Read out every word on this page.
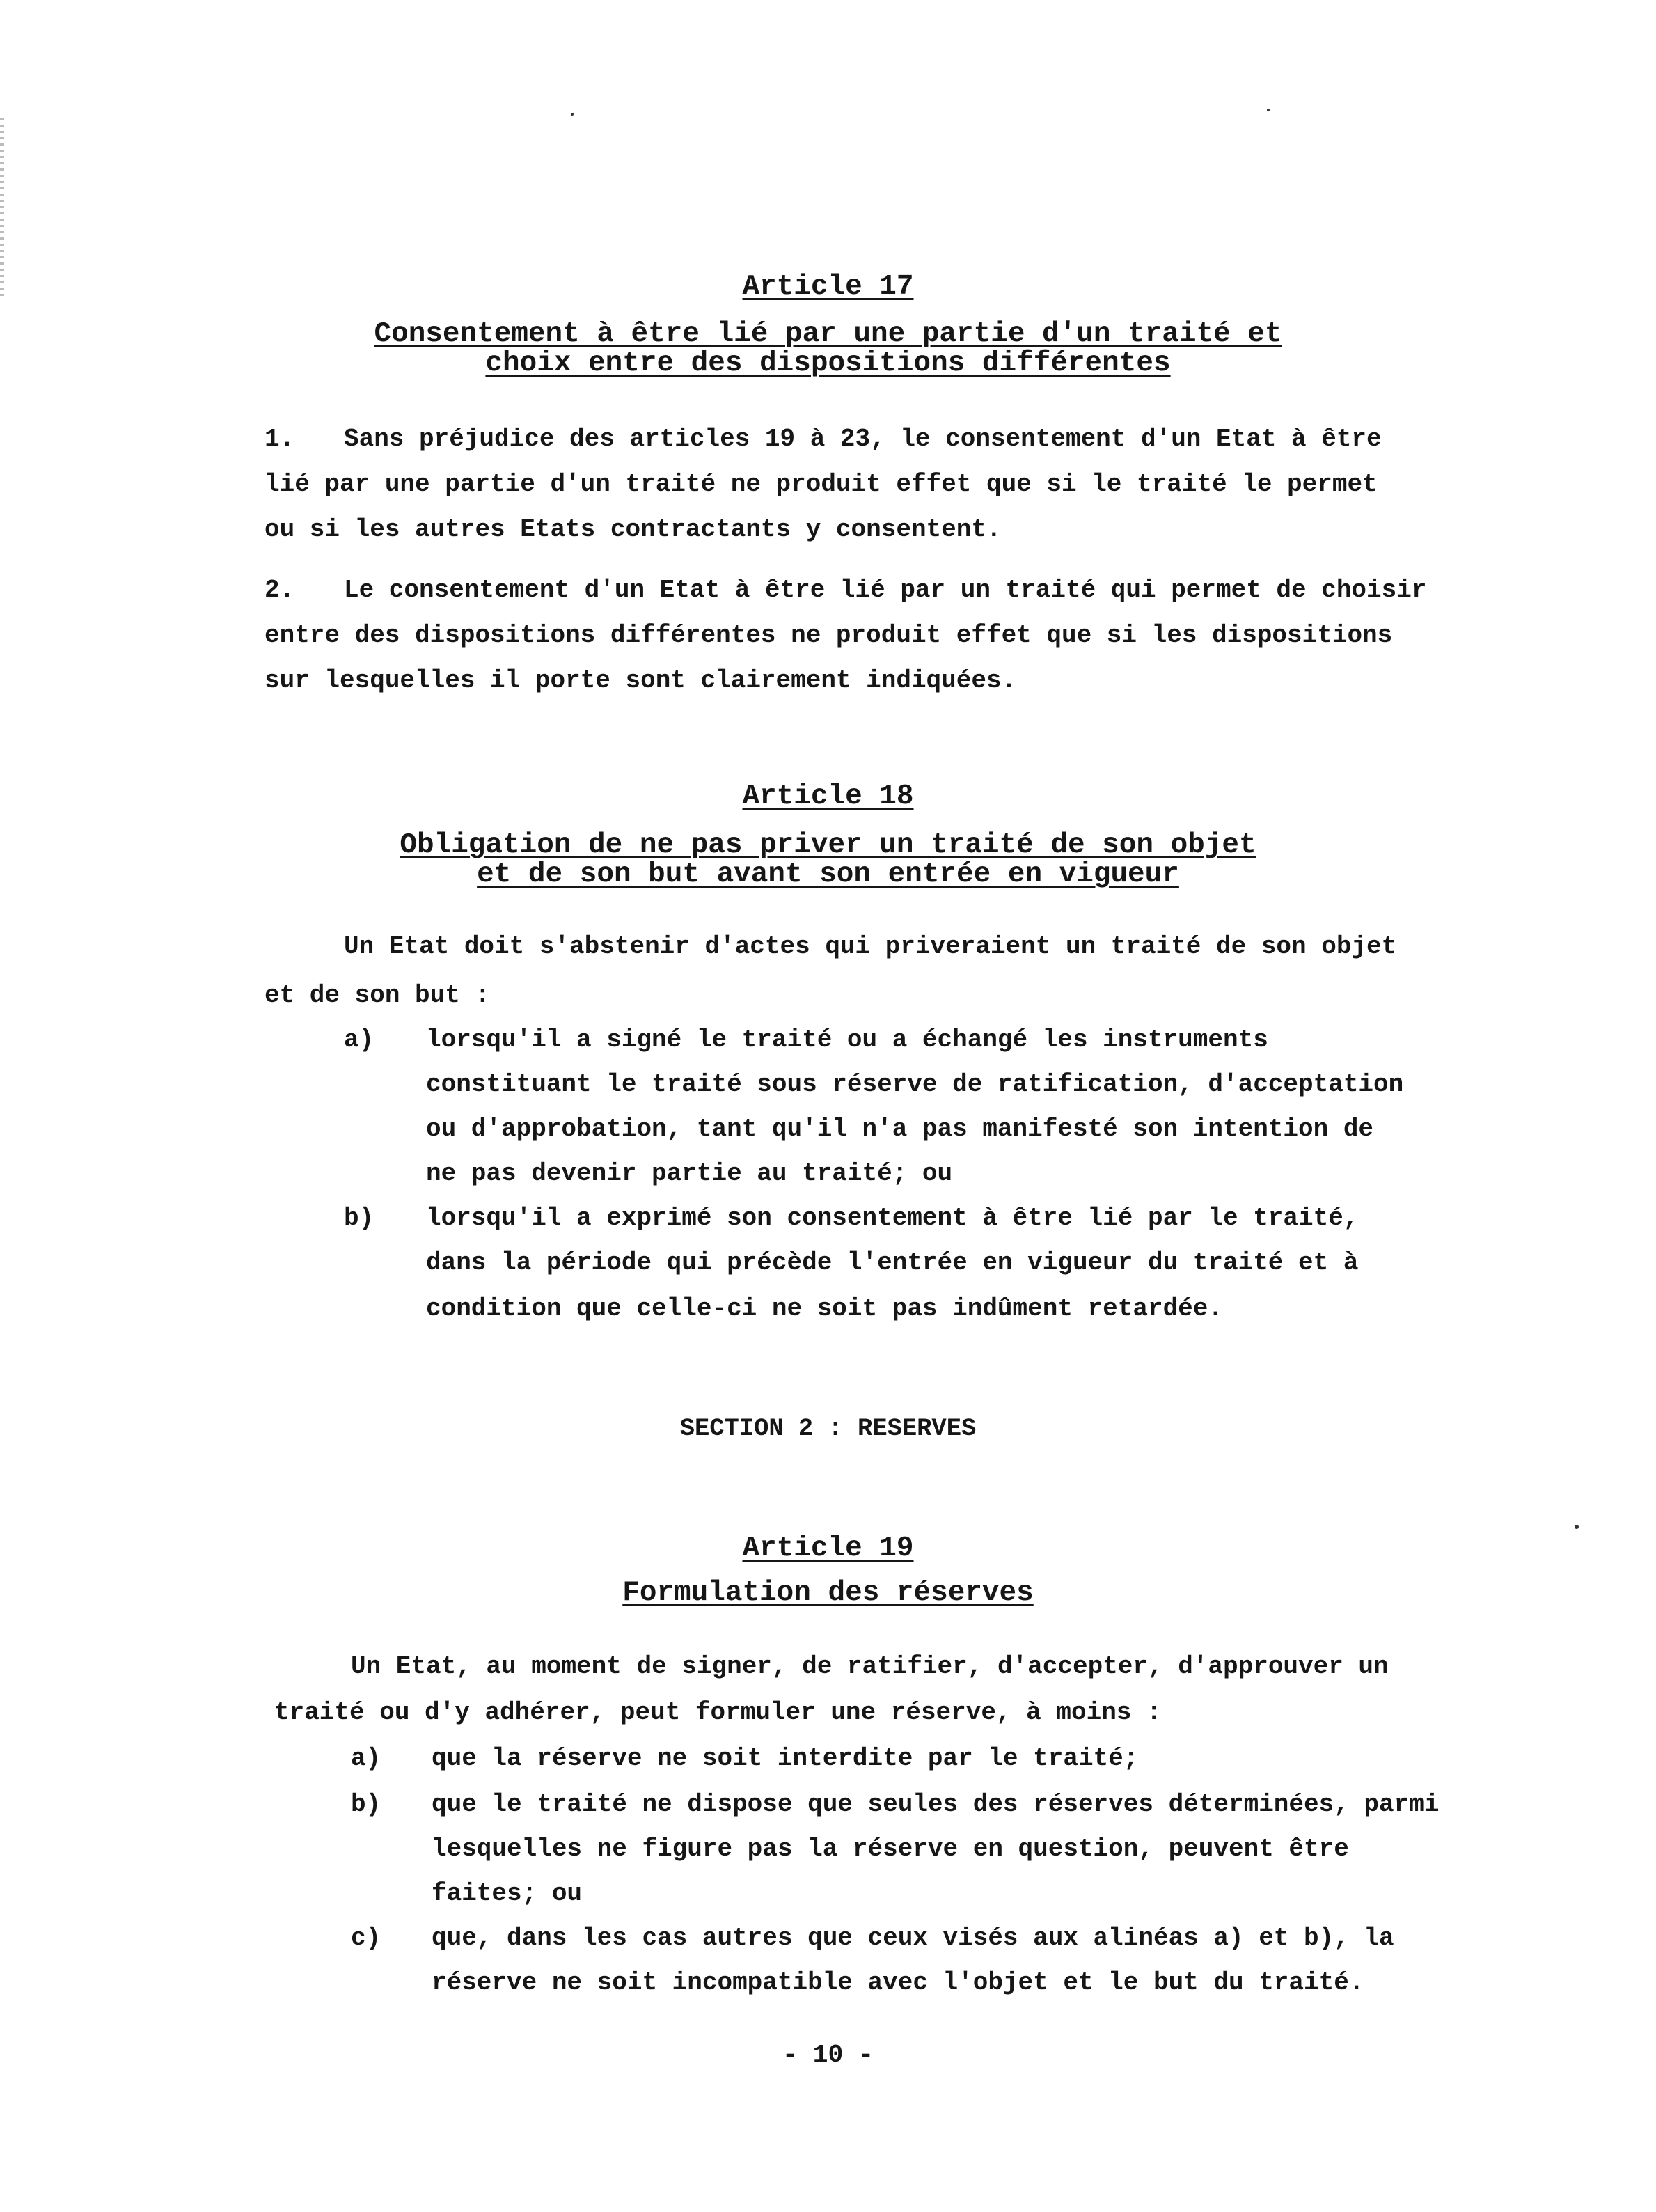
Article 17

Consentement à être lié par une partie d'un traité et

choix entre des dispositions différentes

1. Sans préjudice des articles 19 à 23, le consentement d'un Etat à être

lié par une partie d'un traité ne produit effet que si le traité le permet

ou si les autres Etats contractants y consentent.

2. Le consentement d'un Etat à être lié par un traité qui permet de choisir

entre des dispositions différentes ne produit effet que si les dispositions

sur lesquelles il porte sont clairement indiquées.

Article 18

Obligation de ne pas priver un traité de son objet

et de son but avant son entrée en vigueur

Un Etat doit s'abstenir d'actes qui priveraient un traité de son objet

et de son but :

a) lorsqu'il a signé le traité ou a échangé les instruments

constituant le traité sous réserve de ratification, d'acceptation

ou d'approbation, tant qu'il n'a pas manifesté son intention de

ne pas devenir partie au traité; ou

b) lorsqu'il a exprimé son consentement à être lié par le traité,

dans la période qui précède l'entrée en vigueur du traité et à

condition que celle-ci ne soit pas indûment retardée.

SECTION 2 : RESERVES

Article 19

Formulation des réserves

Un Etat, au moment de signer, de ratifier, d'accepter, d'approuver un

traité ou d'y adhérer, peut formuler une réserve, à moins :

a) que la réserve ne soit interdite par le traité;

b) que le traité ne dispose que seules des réserves déterminées, parmi

lesquelles ne figure pas la réserve en question, peuvent être

faites; ou

c) que, dans les cas autres que ceux visés aux alinéas a) et b), la

réserve ne soit incompatible avec l'objet et le but du traité.

- 10 -
